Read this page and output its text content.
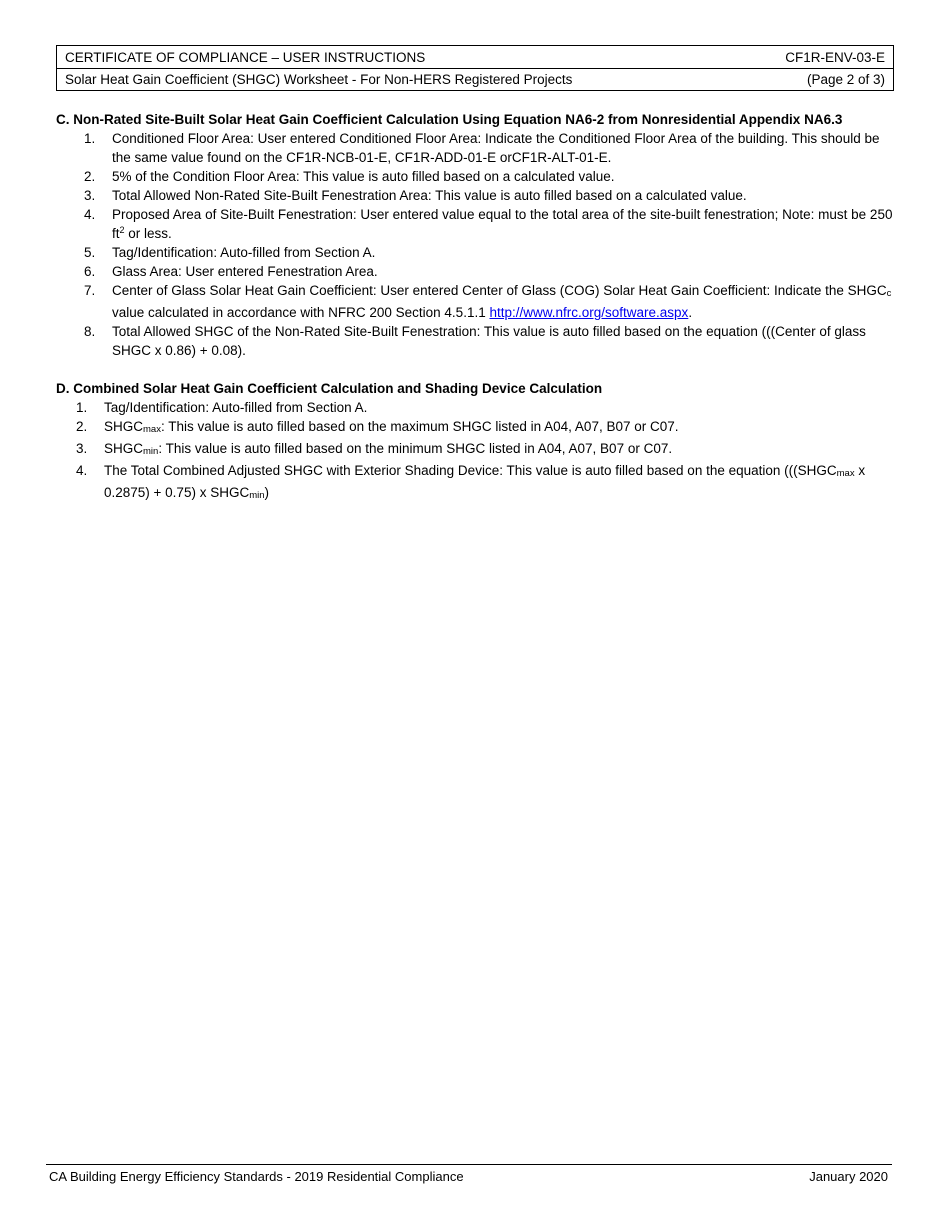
CERTIFICATE OF COMPLIANCE – USER INSTRUCTIONS	CF1R-ENV-03-E
Solar Heat Gain Coefficient (SHGC) Worksheet - For Non-HERS Registered Projects	(Page 2 of 3)

C. Non-Rated Site-Built Solar Heat Gain Coefficient Calculation Using Equation NA6-2 from Nonresidential Appendix NA6.3

1. Conditioned Floor Area: User entered Conditioned Floor Area: Indicate the Conditioned Floor Area of the building. This should be the same value found on the CF1R-NCB-01-E, CF1R-ADD-01-E orCF1R-ALT-01-E.
2. 5% of the Condition Floor Area: This value is auto filled based on a calculated value.
3. Total Allowed Non-Rated Site-Built Fenestration Area: This value is auto filled based on a calculated value.
4. Proposed Area of Site-Built Fenestration: User entered value equal to the total area of the site-built fenestration; Note: must be 250 $ft^2$ or less.
5. Tag/Identification: Auto-filled from Section A.
6. Glass Area: User entered Fenestration Area.
7. Center of Glass Solar Heat Gain Coefficient: User entered Center of Glass (COG) Solar Heat Gain Coefficient: Indicate the $SHGC_c$ value calculated in accordance with NFRC 200 Section 4.5.1.1 http://www.nfrc.org/software.aspx.
8. Total Allowed SHGC of the Non-Rated Site-Built Fenestration: This value is auto filled based on the equation (((Center of glass SHGC x 0.86) + 0.08).

D. Combined Solar Heat Gain Coefficient Calculation and Shading Device Calculation

1. Tag/Identification: Auto-filled from Section A.
2. $SHGC_{max}$: This value is auto filled based on the maximum SHGC listed in A04, A07, B07 or C07.
3. $SHGC_{min}$: This value is auto filled based on the minimum SHGC listed in A04, A07, B07 or C07.
4. The Total Combined Adjusted SHGC with Exterior Shading Device: This value is auto filled based on the equation ((($SHGC_{max}$ x 0.2875) + 0.75) x $SHGC_{min}$)
CA Building Energy Efficiency Standards - 2019 Residential Compliance	January 2020
